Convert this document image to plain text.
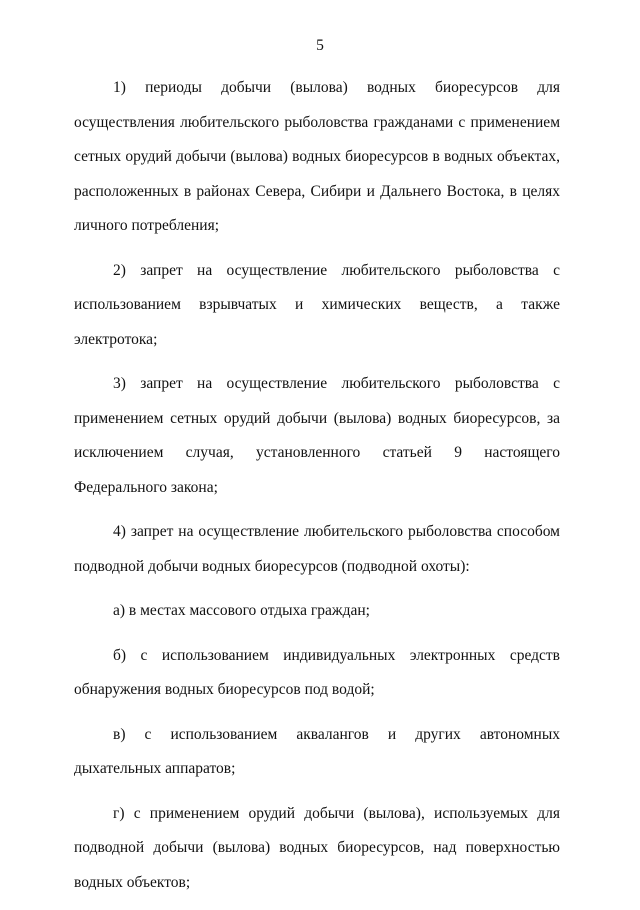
5

1) периоды добычи (вылова) водных биоресурсов для осуществления любительского рыболовства гражданами с применением сетных орудий добычи (вылова) водных биоресурсов в водных объектах, расположенных в районах Севера, Сибири и Дальнего Востока, в целях личного потребления;

2) запрет на осуществление любительского рыболовства с использованием взрывчатых и химических веществ, а также электротока;

3) запрет на осуществление любительского рыболовства с применением сетных орудий добычи (вылова) водных биоресурсов, за исключением случая, установленного статьей 9 настоящего Федерального закона;

4) запрет на осуществление любительского рыболовства способом подводной добычи водных биоресурсов (подводной охоты):

а) в местах массового отдыха граждан;

б) с использованием индивидуальных электронных средств обнаружения водных биоресурсов под водой;

в) с использованием аквалангов и других автономных дыхательных аппаратов;

г) с применением орудий добычи (вылова), используемых для подводной добычи (вылова) водных биоресурсов, над поверхностью водных объектов;
